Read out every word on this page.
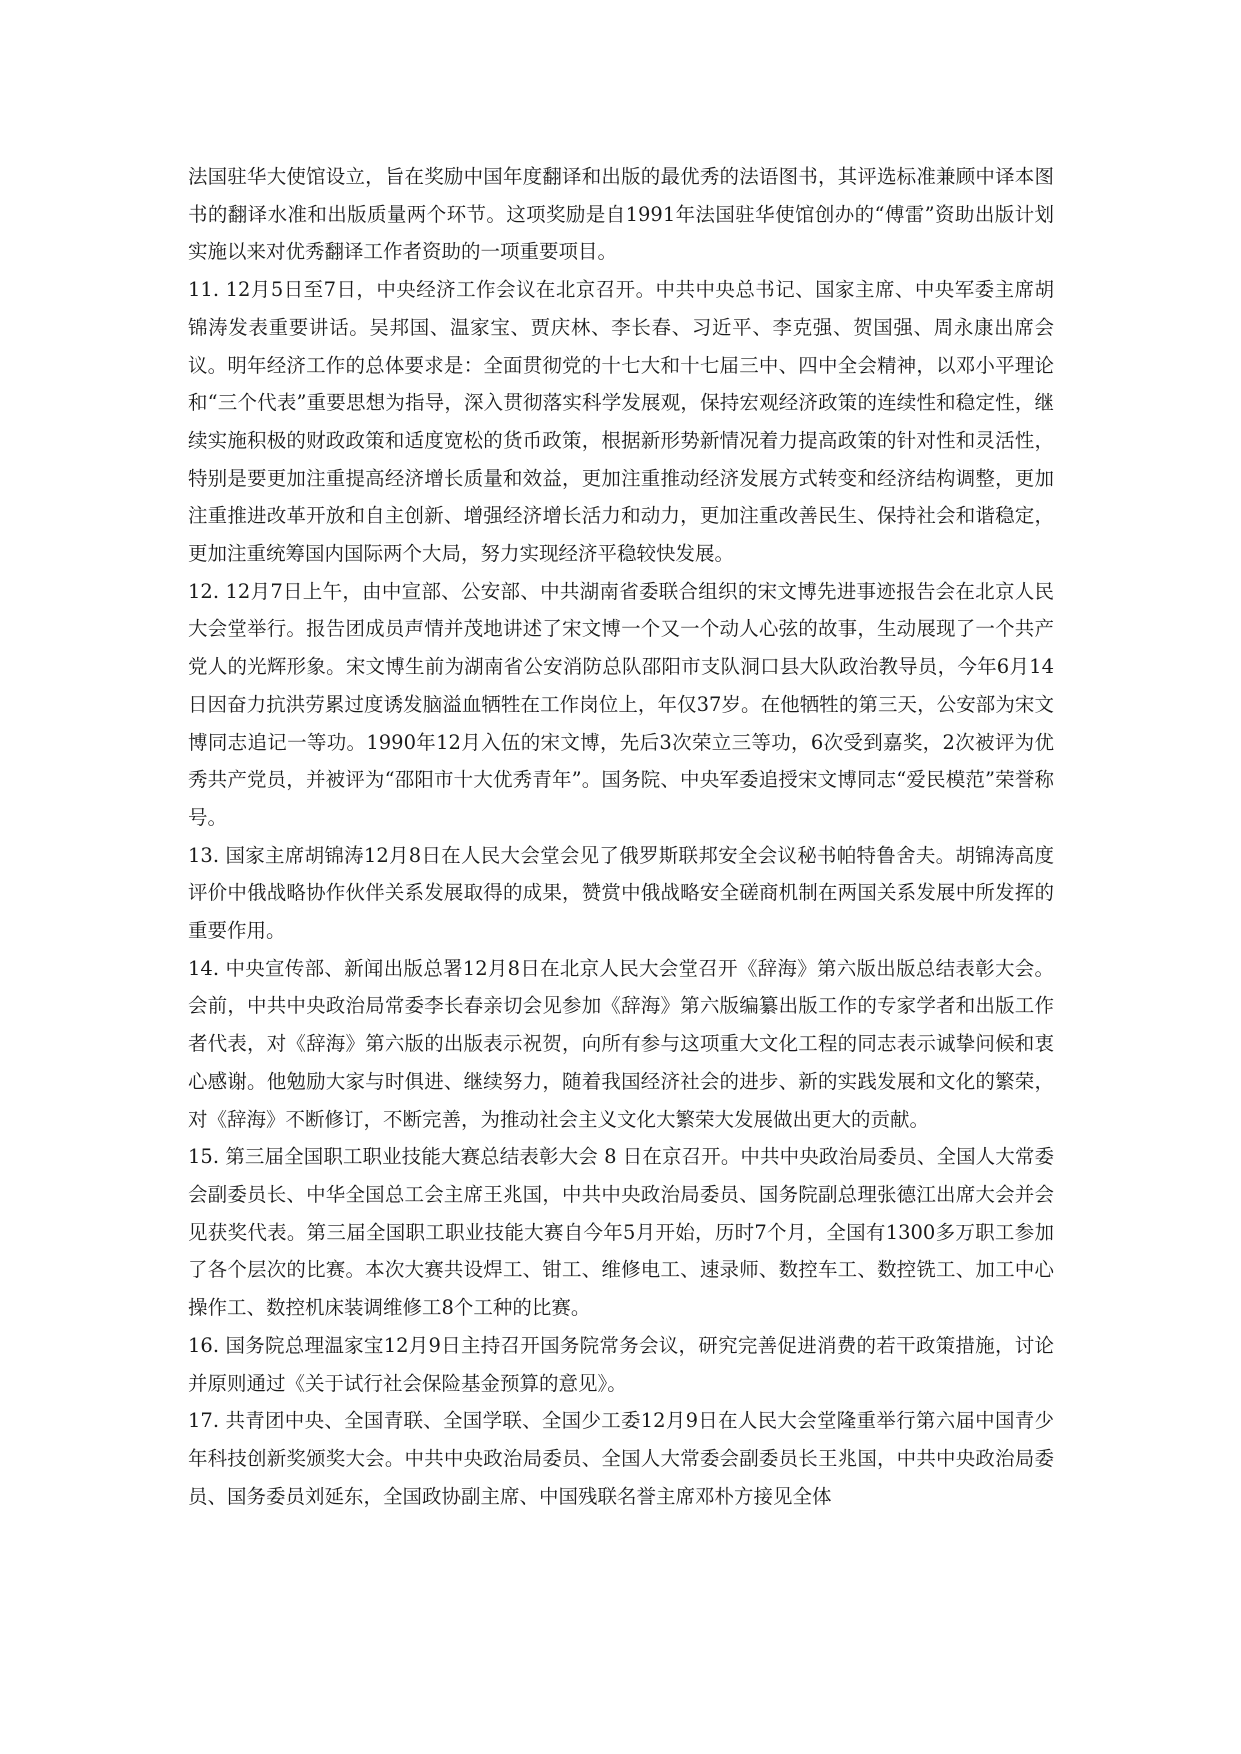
法国驻华大使馆设立，旨在奖励中国年度翻译和出版的最优秀的法语图书，其评选标准兼顾中译本图书的翻译水准和出版质量两个环节。这项奖励是自1991年法国驻华使馆创办的“傅雷”资助出版计划实施以来对优秀翻译工作者资助的一项重要项目。

11. 12月5日至7日，中央经济工作会议在北京召开。中共中央总书记、国家主席、中央军委主席胡锦涛发表重要讲话。吴邦国、温家宝、贾庆林、李长春、习近平、李克强、贺国强、周永康出席会议。明年经济工作的总体要求是：全面贯彻党的十七大和十七届三中、四中全会精神，以邓小平理论和“三个代表”重要思想为指导，深入贯彻落实科学发展观，保持宏观经济政策的连续性和稳定性，继续实施积极的财政政策和适度宽松的货币政策，根据新形势新情况着力提高政策的针对性和灵活性，特别是要更加注重提高经济增长质量和效益，更加注重推动经济发展方式转变和经济结构调整，更加注重推进改革开放和自主创新、增强经济增长活力和动力，更加注重改善民生、保持社会和谐稳定，更加注重统筹国内国际两个大局，努力实现经济平稳较快发展。

12. 12月7日上午，由中宣部、公安部、中共湖南省委联合组织的宋文博先进事迹报告会在北京人民大会堂举行。报告团成员声情并茂地讲述了宋文博一个又一个动人心弦的故事，生动展现了一个共产党人的光辉形象。宋文博生前为湖南省公安消防总队邵阳市支队洞口县大队政治教导员，今年6月14日因奋力抗洪劳累过度诱发脑溢血牺牲在工作岗位上，年仅37岁。在他牺牲的第三天，公安部为宋文博同志追记一等功。1990年12月入伍的宋文博，先后3次荣立三等功，6次受到嘉奖，2次被评为优秀共产党员，并被评为“邵阳市十大优秀青年”。国务院、中央军委追授宋文博同志“爱民模范”荣誉称号。

13. 国家主席胡锦涛12月8日在人民大会堂会见了俄罗斯联邦安全会议秘书帕特鲁舍夫。胡锦涛高度评价中俄战略协作伙伴关系发展取得的成果，赞赏中俄战略安全磋商机制在两国关系发展中所发挥的重要作用。

14. 中央宣传部、新闻出版总署12月8日在北京人民大会堂召开《辞海》第六版出版总结表彰大会。会前，中共中央政治局常委李长春亲切会见参加《辞海》第六版编纂出版工作的专家学者和出版工作者代表，对《辞海》第六版的出版表示祝贺，向所有参与这项重大文化工程的同志表示诚挚问候和衷心感谢。他勉励大家与时俱进、继续努力，随着我国经济社会的进步、新的实践发展和文化的繁荣，对《辞海》不断修订，不断完善，为推动社会主义文化大繁荣大发展做出更大的贡献。

15. 第三届全国职工职业技能大赛总结表彰大会 8 日在京召开。中共中央政治局委员、全国人大常委会副委员长、中华全国总工会主席王兆国，中共中央政治局委员、国务院副总理张德江出席大会并会见获奖代表。第三届全国职工职业技能大赛自今年5月开始，历时7个月，全国有1300多万职工参加了各个层次的比赛。本次大赛共设焊工、钳工、维修电工、速录师、数控车工、数控铣工、加工中心操作工、数控机床装调维修工8个工种的比赛。

16. 国务院总理温家宝12月9日主持召开国务院常务会议，研究完善促进消费的若干政策措施，讨论并原则通过《关于试行社会保险基金预算的意见》。

17. 共青团中央、全国青联、全国学联、全国少工委12月9日在人民大会堂隆重举行第六届中国青少年科技创新奖颁奖大会。中共中央政治局委员、全国人大常委会副委员长王兆国，中共中央政治局委员、国务委员刘延东，全国政协副主席、中国残联名誉主席邓朴方接见全体
